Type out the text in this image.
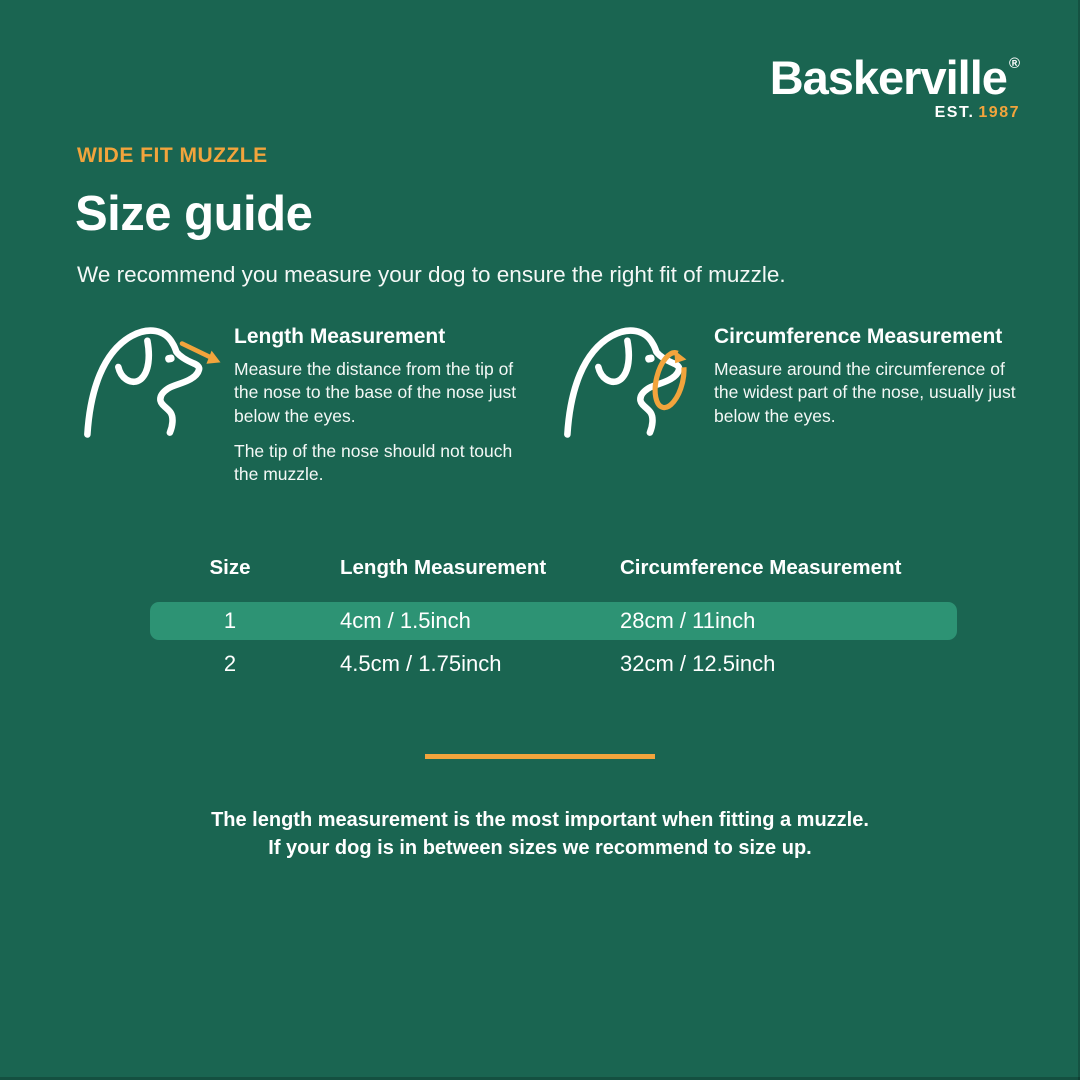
Baskerville ®
EST. 1987
WIDE FIT MUZZLE
Size guide

We recommend you measure your dog to ensure the right fit of muzzle.

Length Measurement

Measure the distance from the tip of the nose to the base of the nose just below the eyes.

The tip of the nose should not touch the muzzle.

Circumference Measurement

Measure around the circumference of the widest part of the nose, usually just below the eyes.

Size	Length Measurement	Circumference Measurement
1	4cm / 1.5inch	28cm / 11inch
2	4.5cm / 1.75inch	32cm / 12.5inch
The length measurement is the most important when fitting a muzzle.
If your dog is in between sizes we recommend to size up.
